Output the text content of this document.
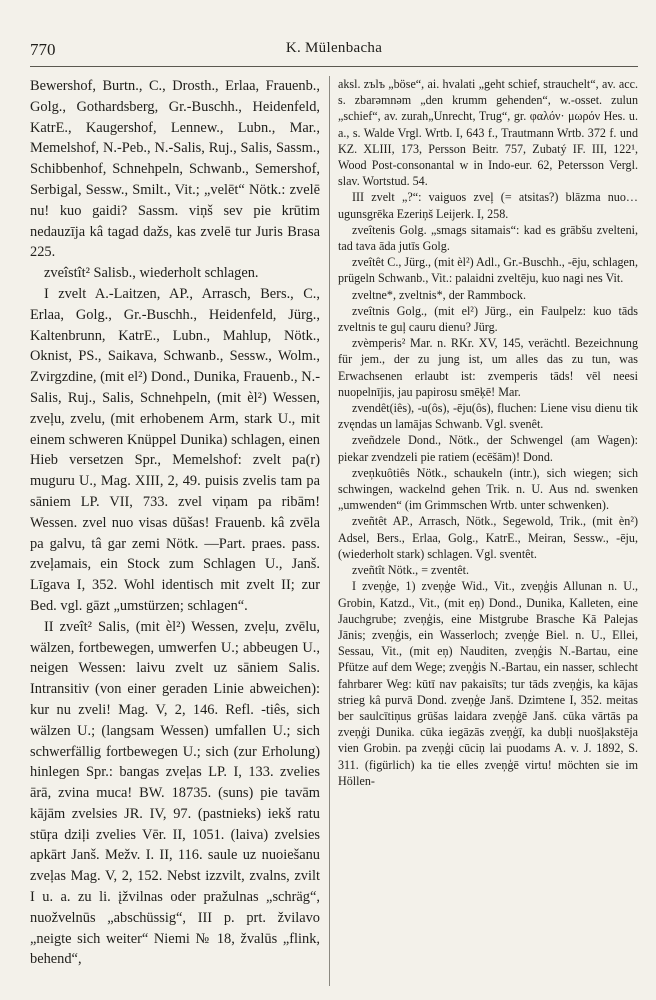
770	K. Mülenbacha

Bewershof, Burtn., C., Drosth., Erlaa, Frauenb., Golg., Gothardsberg, Gr.-Buschh., Heidenfeld, KatrE., Kaugershof, Lennew., Lubn., Mar., Memelshof, N.-Peb., N.-Salis, Ruj., Salis, Sassm., Schibbenhof, Schnehpeln, Schwanb., Semershof, Serbigal, Sessw., Smilt., Vit.; „velēt“ Nötk.: zvelē nu! kuo gaidi? Sassm. viņš sev pie krūtim nedauzīja kâ tagad dažs, kas zvelē tur Juris Brasa 225.

zveîstît² Salisb., wiederholt schlagen.

I zvelt A.-Laitzen, AP., Arrasch, Bers., C., Erlaa, Golg., Gr.-Buschh., Heidenfeld, Jürg., Kaltenbrunn, KatrE., Lubn., Mahlup, Nötk., Oknist, PS., Saikava, Schwanb., Sessw., Wolm., Zvirgzdine, (mit el²) Dond., Dunika, Frauenb., N.-Salis, Ruj., Salis, Schnehpeln, (mit èl²) Wessen, zveļu, zvelu, (mit erhobenem Arm, stark U., mit einem schweren Knüppel Dunika) schlagen, einen Hieb versetzen Spr., Memelshof: zvelt pa(r) muguru U., Mag. XIII, 2, 49. puisis zvelis tam pa sāniem LP. VII, 733. zvel viņam pa ribām! Wessen. zvel nuo visas dūšas! Frauenb. kâ zvēla pa galvu, tâ gar zemi Nötk. —Part. praes. pass. zveļamais, ein Stock zum Schlagen U., Janš. Līgava I, 352. Wohl identisch mit zvelt II; zur Bed. vgl. gāzt „umstürzen; schlagen“.

II zveît² Salis, (mit èl²) Wessen, zveļu, zvēlu, wälzen, fortbewegen, umwerfen U.; abbeugen U., neigen Wessen: laivu zvelt uz sāniem Salis. Intransitiv (von einer geraden Linie abweichen): kur nu zveli! Mag. V, 2, 146. Refl. -tiês, sich wälzen U.; (langsam Wessen) umfallen U.; sich schwerfällig fortbewegen U.; sich (zur Erholung) hinlegen Spr.: bangas zveļas LP. I, 133. zvelies ārā, zvina muca! BW. 18735. (suns) pie tavām kājām zvelsies JR. IV, 97. (pastnieks) iekš ratu stūŗa dziļi zvelies Vēr. II, 1051. (laiva) zvelsies apkārt Janš. Mežv. I. II, 116. saule uz nuoiešanu zveļas Mag. V, 2, 152. Nebst izzvilt, zvalns, zvilt I u. a. zu li. įžvilnas oder pražulnas „schräg“, nuožvelnūs „abschüssig“, III p. prt. žvilavo „neigte sich weiter“ Niemi № 18, žvalūs „flink, behend“,

aksl. zъlъ „böse“, ai. hvalati „geht schief, strauchelt“, av. acc. s. zbarəmnəm „den krumm gehenden“, w.-osset. zulun „schief“, av. zurah„Unrecht, Trug“, gr. φαλόν· μωρόν Hes. u. a., s. Walde Vrgl. Wrtb. I, 643 f., Trautmann Wrtb. 372 f. und KZ. XLIII, 173, Persson Beitr. 757, Zubatý IF. III, 122¹, Wood Post-consonantal w in Indo-eur. 62, Petersson Vergl. slav. Wortstud. 54.

III zvelt „?“: vaiguos zveļ (= atsitas?) blāzma nuo… ugunsgrēka Ezeriņš Leijerk. I, 258.

zveîtenis Golg. „smags sitamais“: kad es grābšu zvelteni, tad tava āda jutīs Golg.

zveîtêt C., Jürg., (mit èl²) Adl., Gr.-Buschh., -ēju, schlagen, prügeln Schwanb., Vit.: palaidni zveltēju, kuo nagi nes Vit.

zveltne*, zveltnis*, der Rammbock.

zveîtnis Golg., (mit el²) Jürg., ein Faulpelz: kuo tāds zveltnis te guļ cauru dienu? Jürg.

zvèmperis² Mar. n. RKr. XV, 145, verächtl. Bezeichnung für jem., der zu jung ist, um alles das zu tun, was Erwachsenen erlaubt ist: zvemperis tāds! vēl neesi nuopelnījis, jau papirosu smēķē! Mar.

zvendêt(iês), -u(ôs), -ēju(ôs), fluchen: Liene visu dienu tik zvęndas un lamājas Schwanb. Vgl. svenêt.

zveñdzele Dond., Nötk., der Schwengel (am Wagen): piekar zvendzeli pie ratiem (ecēšām)! Dond.

zveņkuôtiês Nötk., schaukeln (intr.), sich wiegen; sich schwingen, wackelnd gehen Trik. n. U. Aus nd. swenken „umwenden“ (im Grimmschen Wrtb. unter schwenken).

zveñtêt AP., Arrasch, Nötk., Segewold, Trik., (mit èn²) Adsel, Bers., Erlaa, Golg., KatrE., Meiran, Sessw., -ēju, (wiederholt stark) schlagen. Vgl. sventêt.

zveñtît Nötk., = zventêt.

I zveņģe, 1) zveņģe Wid., Vit., zveņģis Allunan n. U., Grobin, Katzd., Vit., (mit eņ) Dond., Dunika, Kalleten, eine Jauchgrube; zveņģis, eine Mistgrube Brasche Kā Palejas Jānis; zveņģis, ein Wasserloch; zveņģe Biel. n. U., Ellei, Sessau, Vit., (mit eņ) Nauditen, zveņģis N.-Bartau, eine Pfütze auf dem Wege; zveņģis N.-Bartau, ein nasser, schlecht fahrbarer Weg: kūtī nav pakaisīts; tur tāds zveņģis, ka kājas strieg kâ purvā Dond. zveņģe Janš. Dzimtene I, 352. meitas ber saulcītiņus grūšas laidara zveņģē Janš. cūka vārtās pa zveņģi Dunika. cūka iegāzās zveņģī, ka dubļi nuošļakstēja vien Grobin. pa zveņģi cūciņ lai puodams A. v. J. 1892, S. 311. (figürlich) ka tie elles zveņģē virtu! möchten sie im Höllen-
